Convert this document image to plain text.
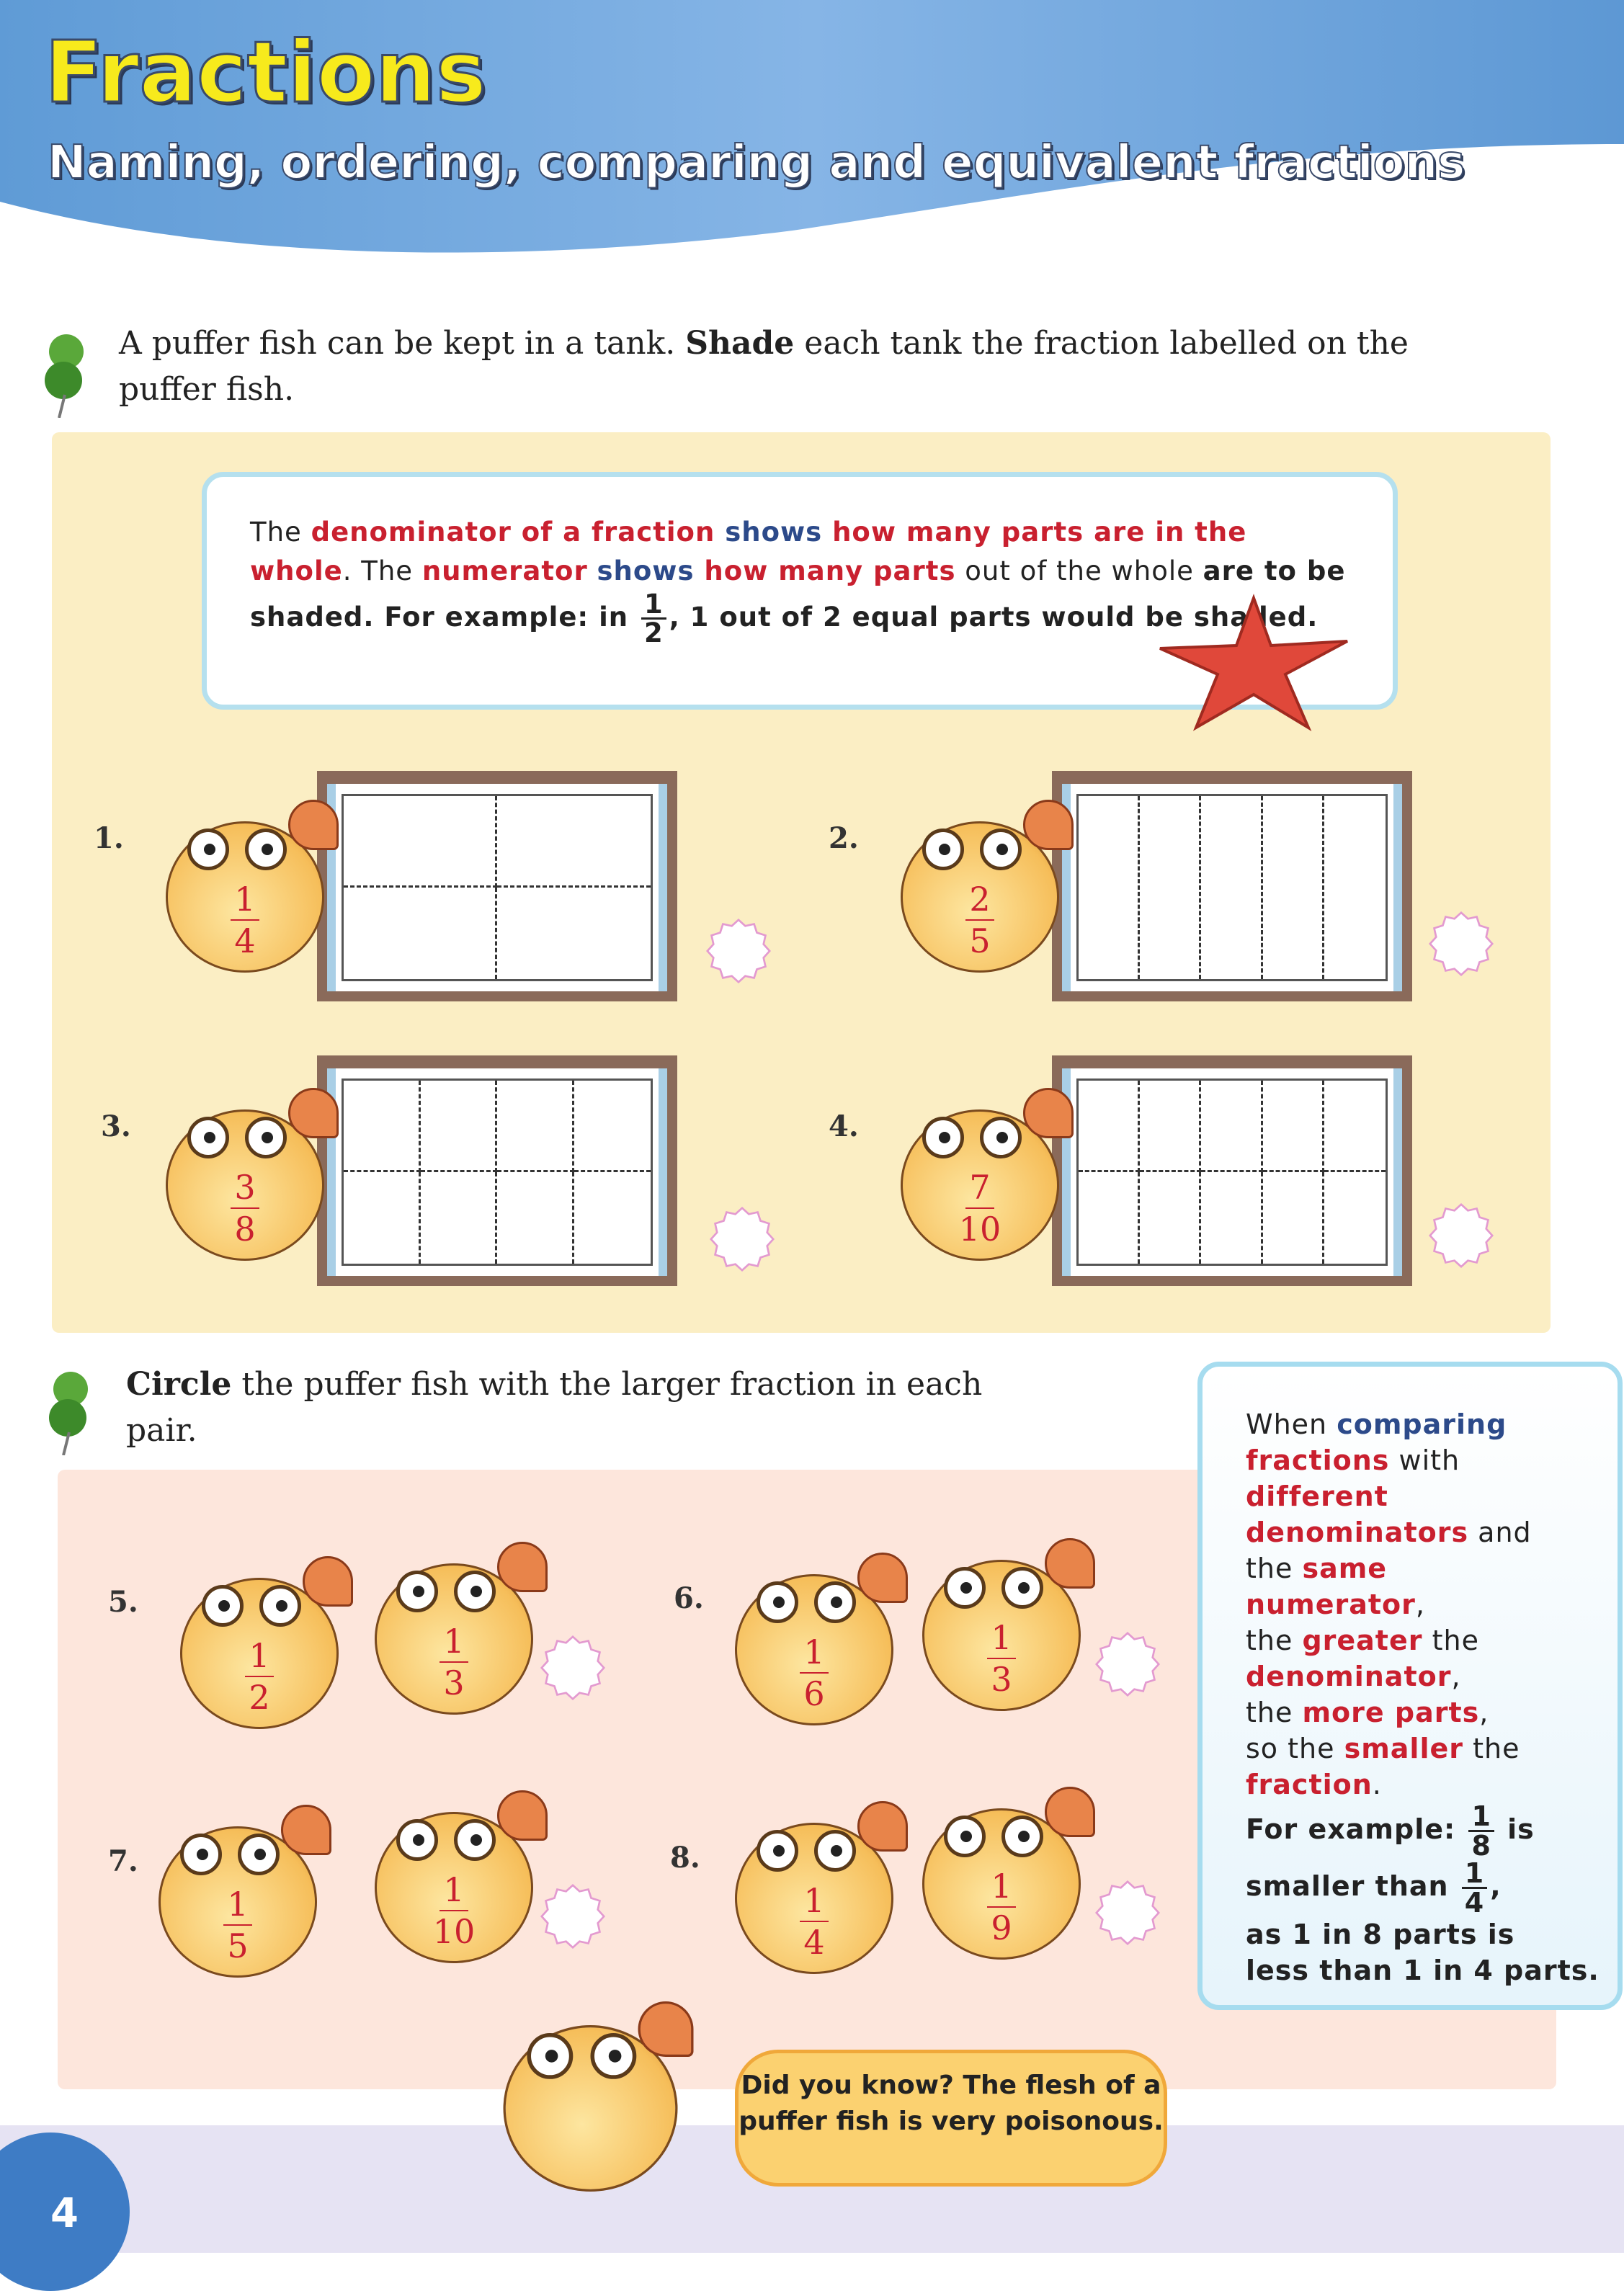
Fractions
Naming, ordering, comparing and equivalent fractions
A puffer fish can be kept in a tank. Shade each tank the fraction labelled on the puffer fish.
The denominator of a fraction shows how many parts are in the whole. The numerator shows how many parts out of the whole are to be shaded. For example: in $\frac{1}{2}$ , 1 out of 2 equal parts would be shaded.
1.
$\frac{1}{4}$
2.
$\frac{2}{5}$
3.
$\frac{3}{8}$
4.
$\frac{7}{10}$
Circle the puffer fish with the larger fraction in each pair.
5.
$\frac{1}{2}$	$\frac{1}{3}$
6.
$\frac{1}{6}$	$\frac{1}{3}$
7.
$\frac{1}{5}$	$\frac{1}{10}$
8.
$\frac{1}{4}$	$\frac{1}{9}$
When comparing
fractions with
different
denominators and
the same
numerator,
the greater the
denominator,
the more parts,
so the smaller the
fraction.
For example: $\frac{1}{8}$ is
smaller than $\frac{1}{4}$ ,
as 1 in 8 parts is
less than 1 in 4 parts.
4
Did you know? The flesh of a puffer fish is very poisonous.
